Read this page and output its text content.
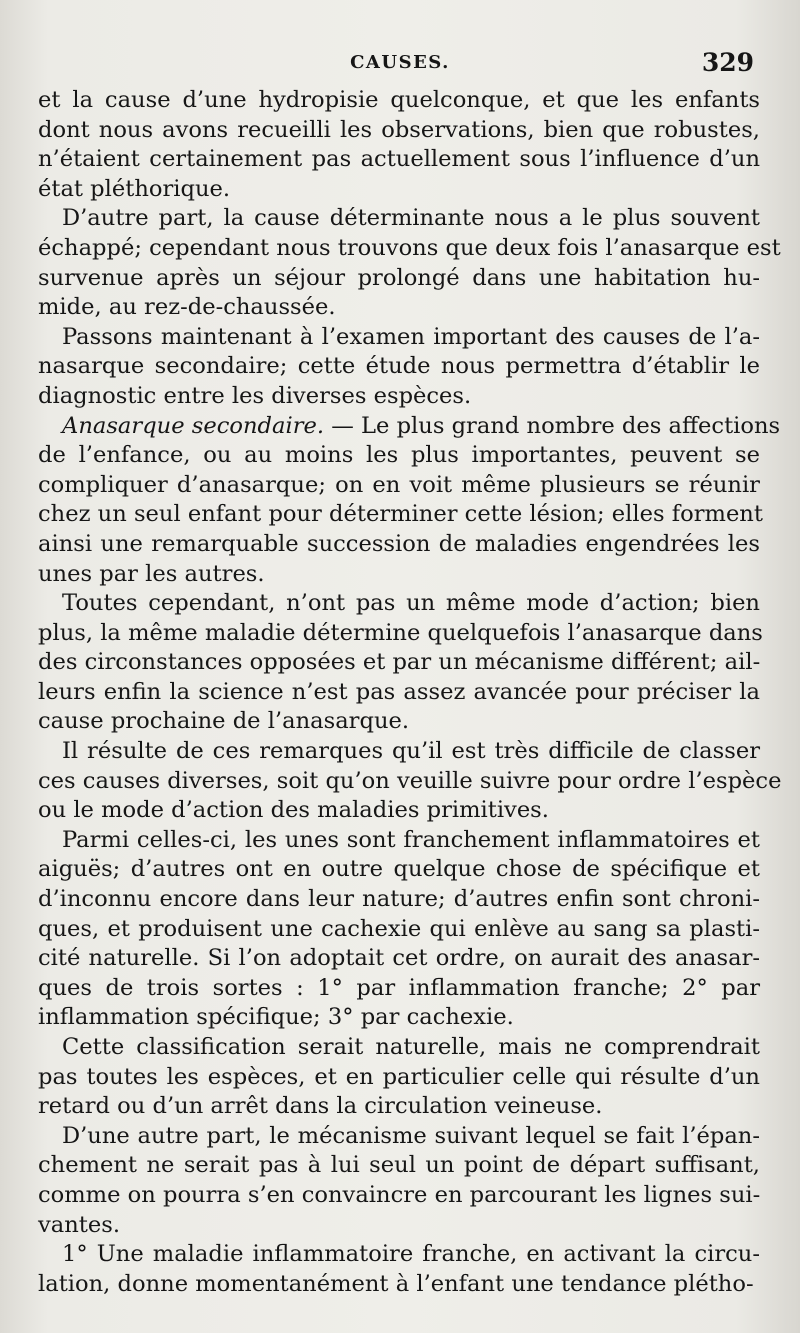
CAUSES.	329
et la cause d’une hydropisie quelconque, et que les enfants
dont nous avons recueilli les observations, bien que robustes,
n’étaient certainement pas actuellement sous l’influence d’un
état pléthorique.
D’autre part, la cause déterminante nous a le plus souvent
échappé; cependant nous trouvons que deux fois l’anasarque est
survenue après un séjour prolongé dans une habitation hu-
mide, au rez-de-chaussée.
Passons maintenant à l’examen important des causes de l’a-
nasarque secondaire; cette étude nous permettra d’établir le
diagnostic entre les diverses espèces.
Anasarque secondaire. — Le plus grand nombre des affections
de l’enfance, ou au moins les plus importantes, peuvent se
compliquer d’anasarque; on en voit même plusieurs se réunir
chez un seul enfant pour déterminer cette lésion; elles forment
ainsi une remarquable succession de maladies engendrées les
unes par les autres.
Toutes cependant, n’ont pas un même mode d’action; bien
plus, la même maladie détermine quelquefois l’anasarque dans
des circonstances opposées et par un mécanisme différent; ail-
leurs enfin la science n’est pas assez avancée pour préciser la
cause prochaine de l’anasarque.
Il résulte de ces remarques qu’il est très difficile de classer
ces causes diverses, soit qu’on veuille suivre pour ordre l’espèce
ou le mode d’action des maladies primitives.
Parmi celles-ci, les unes sont franchement inflammatoires et
aiguës; d’autres ont en outre quelque chose de spécifique et
d’inconnu encore dans leur nature; d’autres enfin sont chroni-
ques, et produisent une cachexie qui enlève au sang sa plasti-
cité naturelle. Si l’on adoptait cet ordre, on aurait des anasar-
ques de trois sortes : 1° par inflammation franche; 2° par
inflammation spécifique; 3° par cachexie.
Cette classification serait naturelle, mais ne comprendrait
pas toutes les espèces, et en particulier celle qui résulte d’un
retard ou d’un arrêt dans la circulation veineuse.
D’une autre part, le mécanisme suivant lequel se fait l’épan-
chement ne serait pas à lui seul un point de départ suffisant,
comme on pourra s’en convaincre en parcourant les lignes sui-
vantes.
1° Une maladie inflammatoire franche, en activant la circu-
lation, donne momentanément à l’enfant une tendance plétho-
